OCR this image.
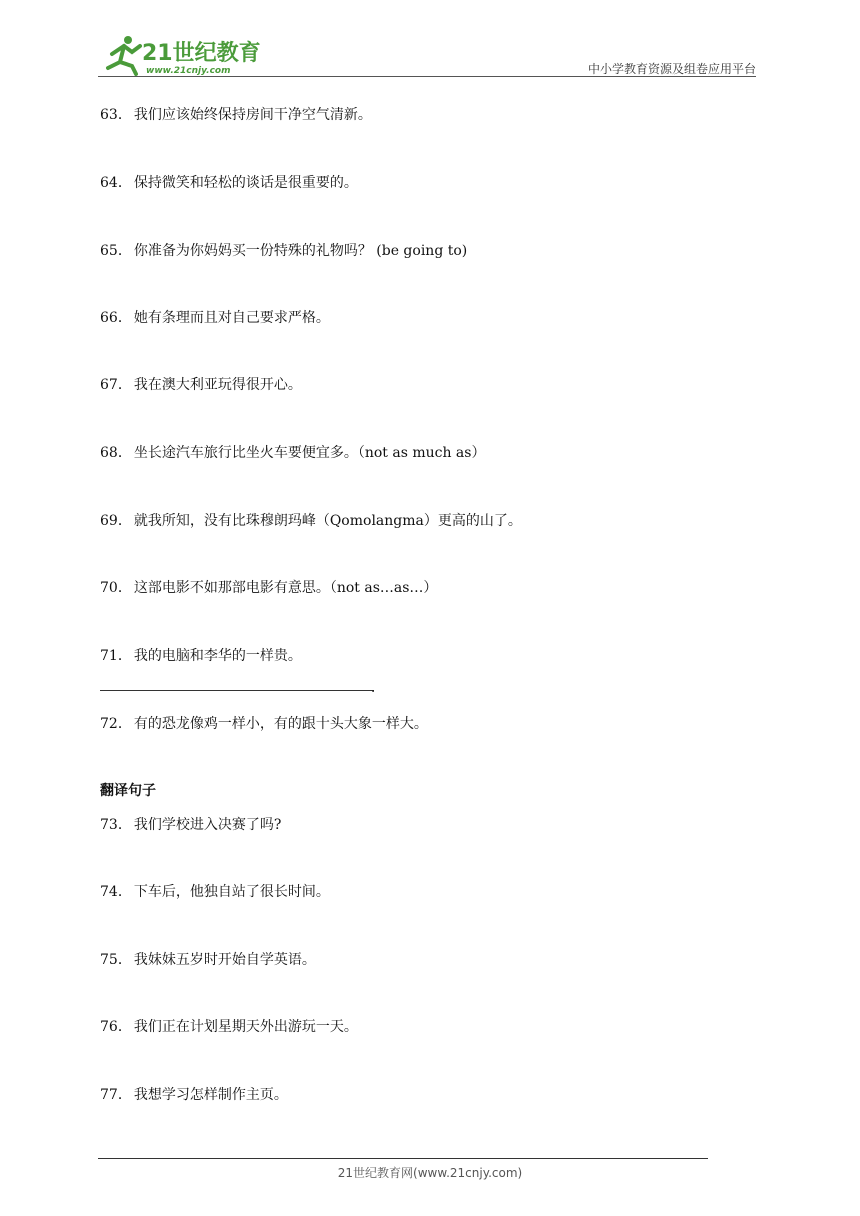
21世纪教育
www.21cnjy.com	中小学教育资源及组卷应用平台
63． 我们应该始终保持房间干净空气清新。
64． 保持微笑和轻松的谈话是很重要的。
65． 你准备为你妈妈买一份特殊的礼物吗？ (be going to)
66． 她有条理而且对自己要求严格。
67． 我在澳大利亚玩得很开心。
68． 坐长途汽车旅行比坐火车要便宜多。（not as much as）
69． 就我所知，没有比珠穆朗玛峰（Qomolangma）更高的山了。
70． 这部电影不如那部电影有意思。（not as…as…）
71． 我的电脑和李华的一样贵。
.
72． 有的恐龙像鸡一样小，有的跟十头大象一样大。
翻译句子
73． 我们学校进入决赛了吗?
74． 下车后，他独自站了很长时间。
75． 我妹妹五岁时开始自学英语。
76． 我们正在计划星期天外出游玩一天。
77． 我想学习怎样制作主页。
21世纪教育网(www.21cnjy.com)
